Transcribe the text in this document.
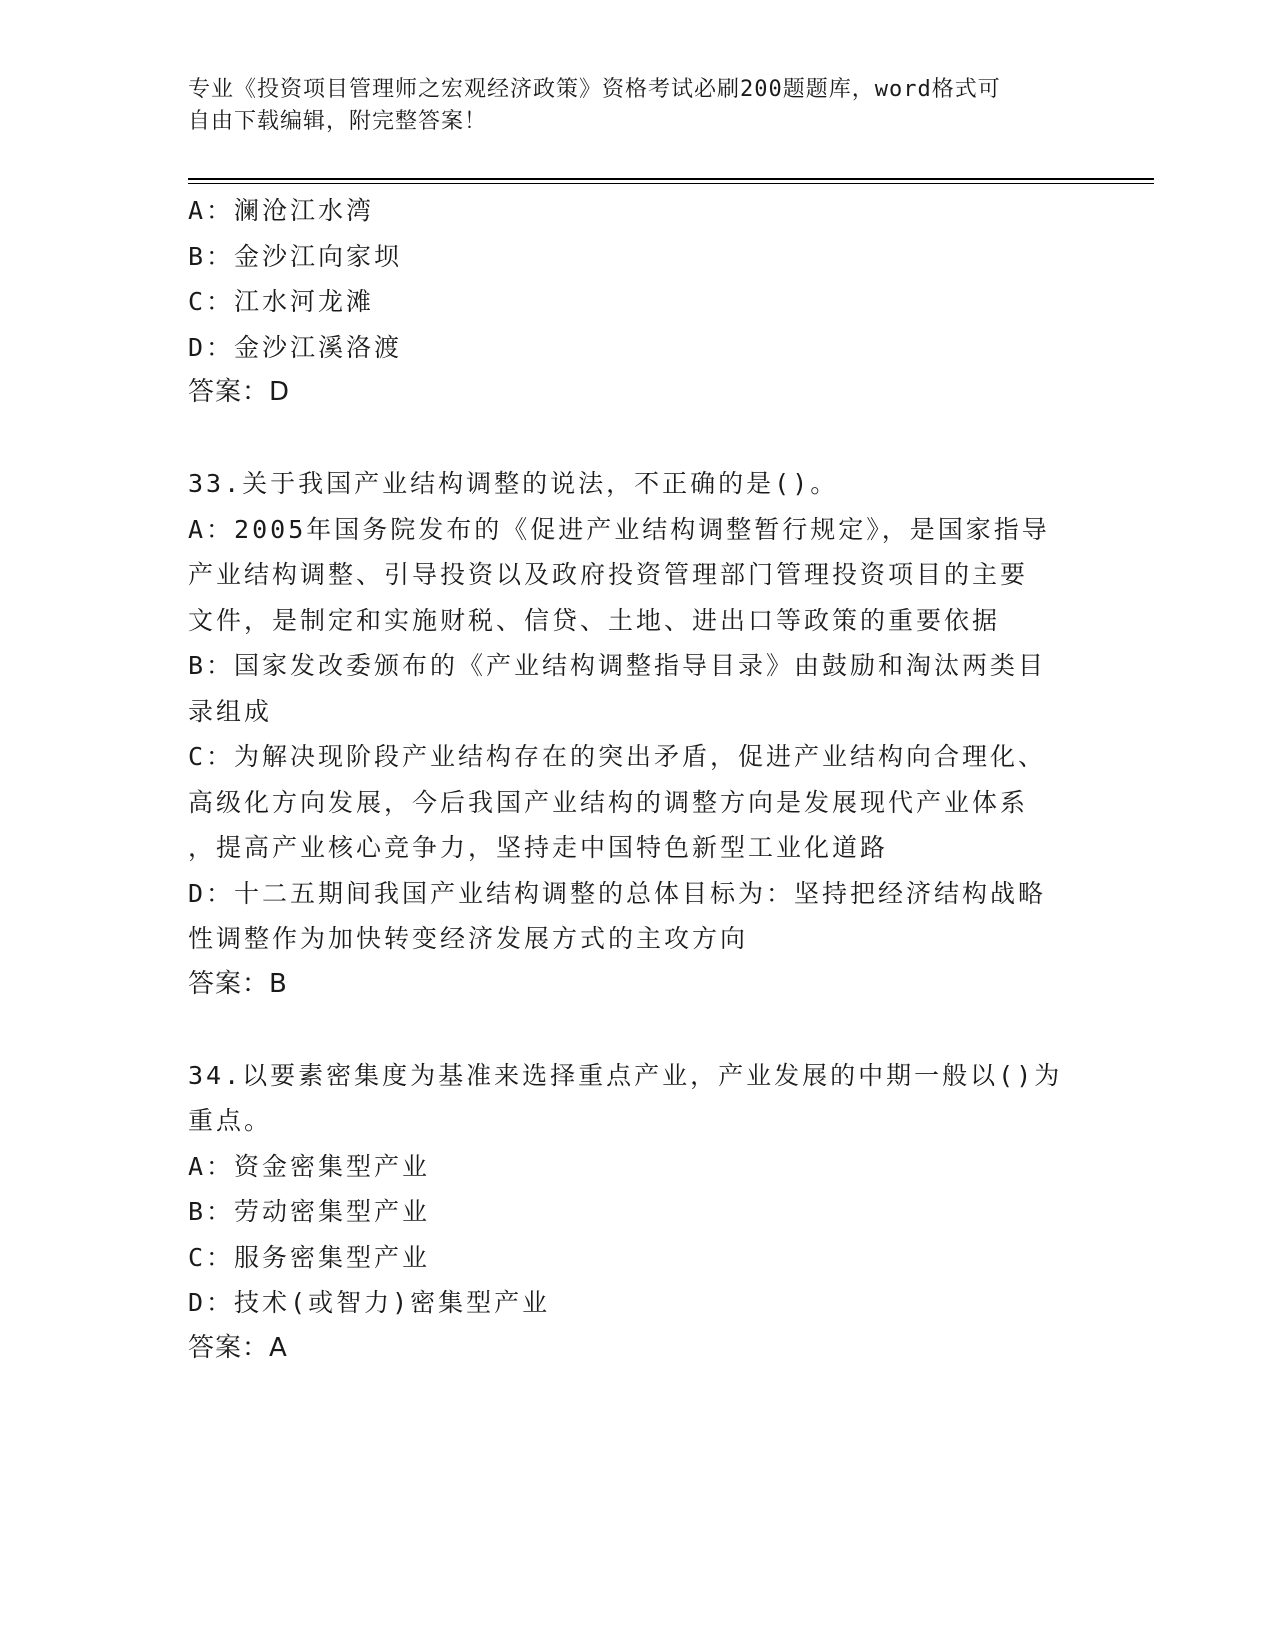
专业《投资项目管理师之宏观经济政策》资格考试必刷200题题库，word格式可
自由下载编辑，附完整答案！
A：澜沧江水湾
B：金沙江向家坝
C：江水河龙滩
D：金沙江溪洛渡
答案：D
33.关于我国产业结构调整的说法，不正确的是()。
A：2005年国务院发布的《促进产业结构调整暂行规定》，是国家指导
产业结构调整、引导投资以及政府投资管理部门管理投资项目的主要
文件，是制定和实施财税、信贷、土地、进出口等政策的重要依据
B：国家发改委颁布的《产业结构调整指导目录》由鼓励和淘汰两类目
录组成
C：为解决现阶段产业结构存在的突出矛盾，促进产业结构向合理化、
高级化方向发展，今后我国产业结构的调整方向是发展现代产业体系
，提高产业核心竞争力，坚持走中国特色新型工业化道路
D：十二五期间我国产业结构调整的总体目标为：坚持把经济结构战略
性调整作为加快转变经济发展方式的主攻方向
答案：B
34.以要素密集度为基准来选择重点产业，产业发展的中期一般以()为
重点。
A：资金密集型产业
B：劳动密集型产业
C：服务密集型产业
D：技术(或智力)密集型产业
答案：A
